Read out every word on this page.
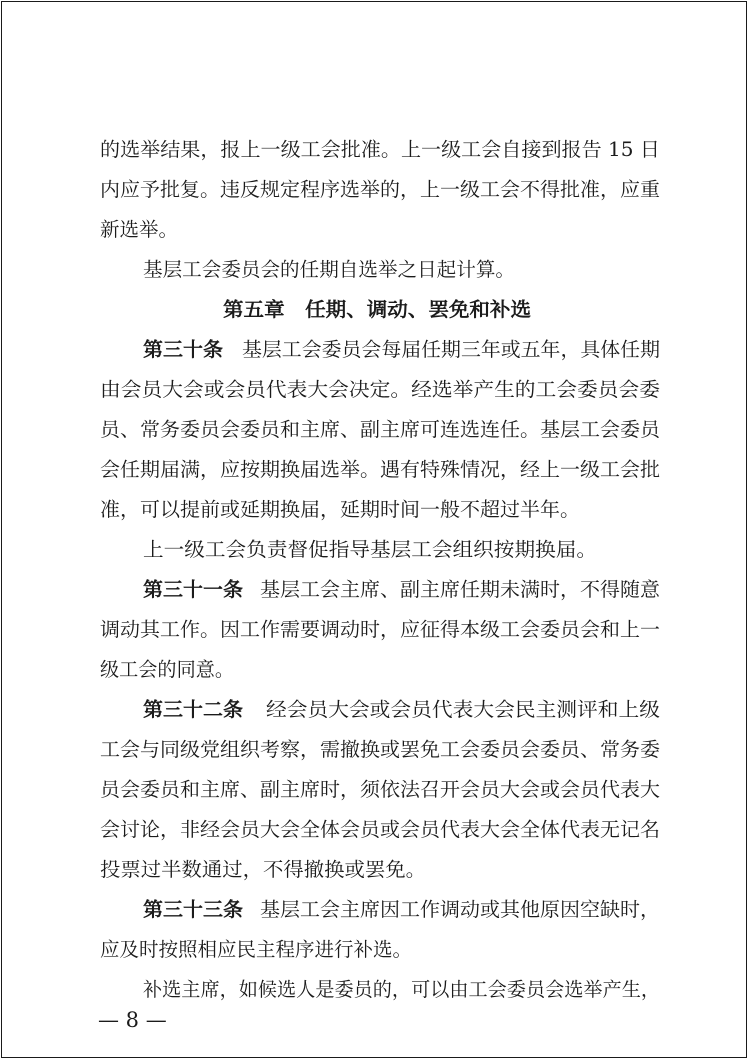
的选举结果，报上一级工会批准。上一级工会自接到报告 15 日
内应予批复。违反规定程序选举的，上一级工会不得批准，应重
新选举。
基层工会委员会的任期自选举之日起计算。
第五章　任期、调动、罢免和补选
第三十条 基层工会委员会每届任期三年或五年，具体任期
由会员大会或会员代表大会决定。经选举产生的工会委员会委
员、常务委员会委员和主席、副主席可连选连任。基层工会委员
会任期届满，应按期换届选举。遇有特殊情况，经上一级工会批
准，可以提前或延期换届，延期时间一般不超过半年。
上一级工会负责督促指导基层工会组织按期换届。
第三十一条 基层工会主席、副主席任期未满时，不得随意
调动其工作。因工作需要调动时，应征得本级工会委员会和上一
级工会的同意。
第三十二条 经会员大会或会员代表大会民主测评和上级
工会与同级党组织考察，需撤换或罢免工会委员会委员、常务委
员会委员和主席、副主席时，须依法召开会员大会或会员代表大
会讨论，非经会员大会全体会员或会员代表大会全体代表无记名
投票过半数通过，不得撤换或罢免。
第三十三条 基层工会主席因工作调动或其他原因空缺时，
应及时按照相应民主程序进行补选。
补选主席，如候选人是委员的，可以由工会委员会选举产生，
— 8 —
